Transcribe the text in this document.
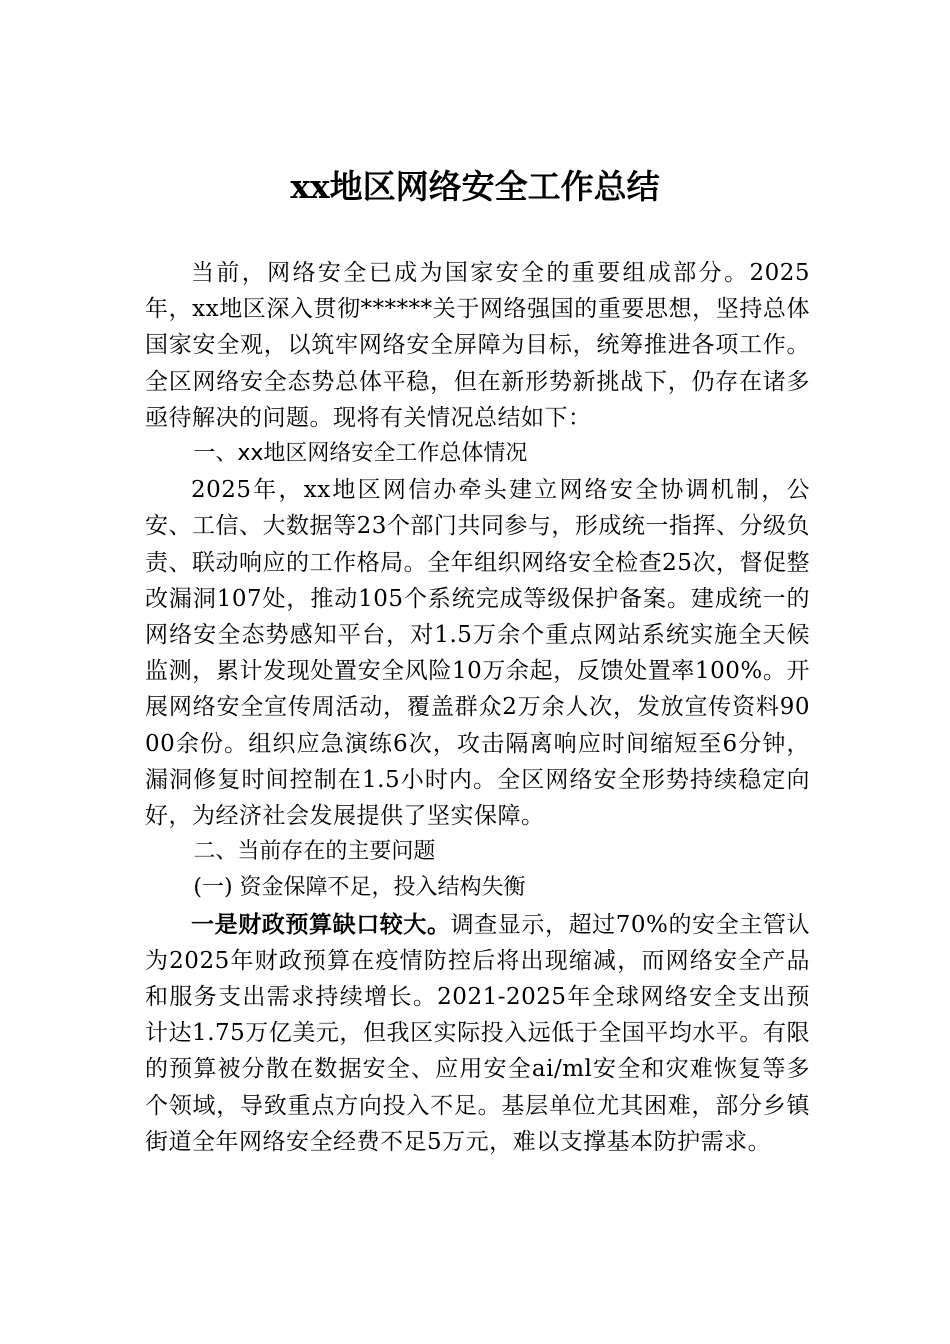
xx地区网络安全工作总结

当前，网络安全已成为国家安全的重要组成部分。2025年，xx地区深入贯彻******关于网络强国的重要思想，坚持总体国家安全观，以筑牢网络安全屏障为目标，统筹推进各项工作。全区网络安全态势总体平稳，但在新形势新挑战下，仍存在诸多亟待解决的问题。现将有关情况总结如下：

一、xx地区网络安全工作总体情况

2025年，xx地区网信办牵头建立网络安全协调机制，公安、工信、大数据等23个部门共同参与，形成统一指挥、分级负责、联动响应的工作格局。全年组织网络安全检查25次，督促整改漏洞107处，推动105个系统完成等级保护备案。建成统一的网络安全态势感知平台，对1.5万余个重点网站系统实施全天候监测，累计发现处置安全风险10万余起，反馈处置率100%。开展网络安全宣传周活动，覆盖群众2万余人次，发放宣传资料9000余份。组织应急演练6次，攻击隔离响应时间缩短至6分钟，漏洞修复时间控制在1.5小时内。全区网络安全形势持续稳定向好，为经济社会发展提供了坚实保障。

二、当前存在的主要问题

(一) 资金保障不足，投入结构失衡

一是财政预算缺口较大。调查显示，超过70%的安全主管认为2025年财政预算在疫情防控后将出现缩减，而网络安全产品和服务支出需求持续增长。2021-2025年全球网络安全支出预计达1.75万亿美元，但我区实际投入远低于全国平均水平。有限的预算被分散在数据安全、应用安全ai/ml安全和灾难恢复等多个领域，导致重点方向投入不足。基层单位尤其困难，部分乡镇街道全年网络安全经费不足5万元，难以支撑基本防护需求。
